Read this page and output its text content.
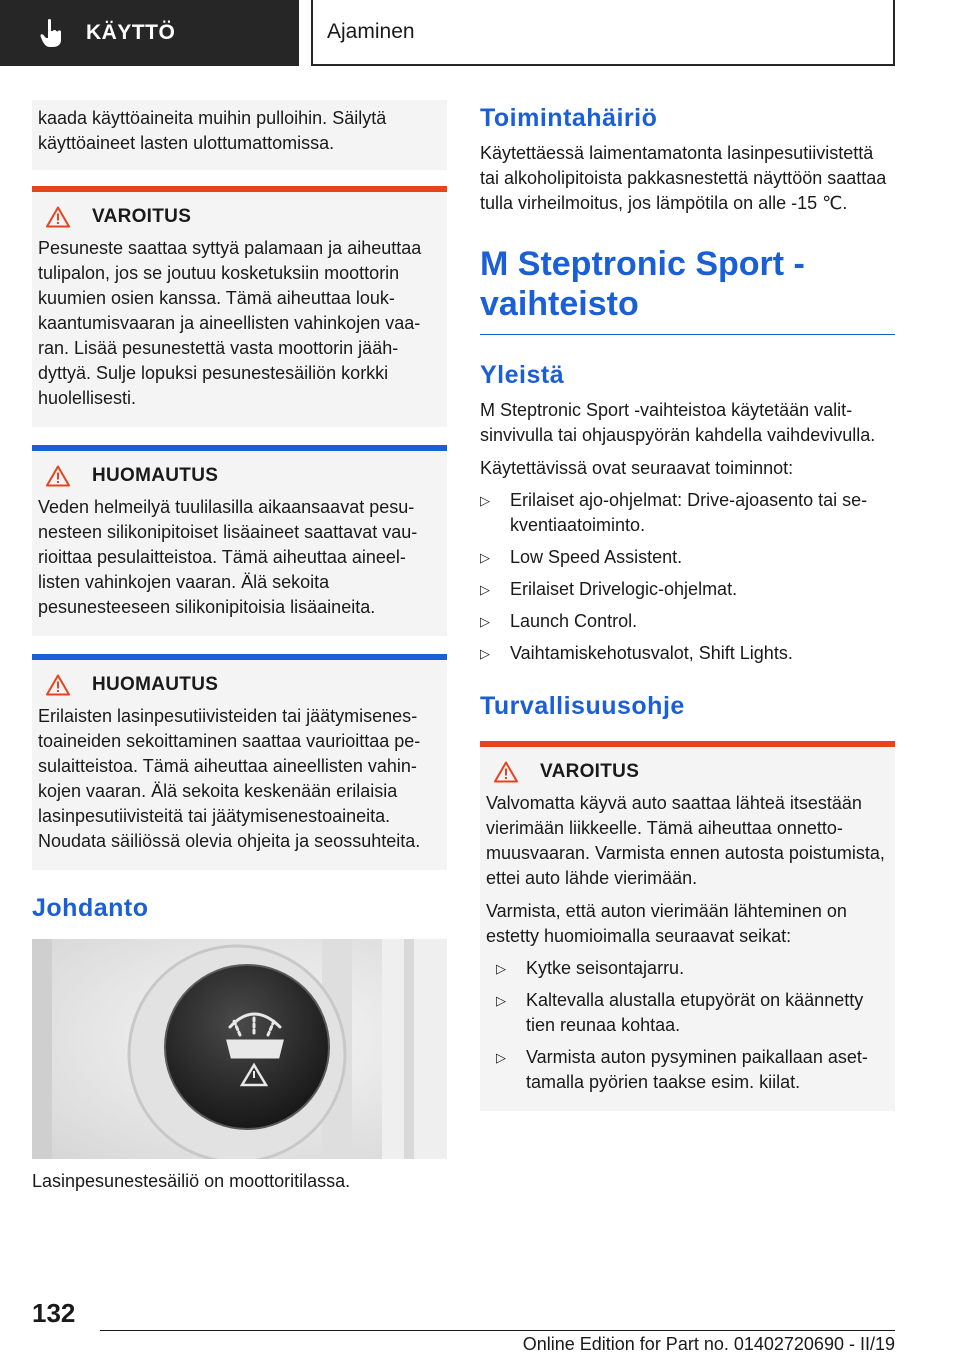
KÄYTTÖ	Ajaminen

kaada käyttöaineita muihin pulloihin. Säilytä käyttöaineet lasten ulottumattomissa.

VAROITUS

Pesuneste saattaa syttyä palamaan ja aiheuttaa tulipalon, jos se joutuu kosketuksiin moottorin kuumien osien kanssa. Tämä aiheuttaa loukkaantumisvaaran ja aineellisten vahinkojen vaaran. Lisää pesunestettä vasta moottorin jäähdyttyä. Sulje lopuksi pesunestesäiliön korkki huolellisesti.

HUOMAUTUS

Veden helmeilyä tuulilasilla aikaansaavat pesunesteen silikonipitoiset lisäaineet saattavat vaurioittaa pesulaitteistoa. Tämä aiheuttaa aineellisten vahinkojen vaaran. Älä sekoita pesunesteeseen silikonipitoisia lisäaineita.

HUOMAUTUS

Erilaisten lasinpesutiivisteiden tai jäätymisenestoaineiden sekoittaminen saattaa vaurioittaa pesulaitteistoa. Tämä aiheuttaa aineellisten vahinkojen vaaran. Älä sekoita keskenään erilaisia lasinpesutiivisteitä tai jäätymisenestoaineita. Noudata säiliössä olevia ohjeita ja seossuhteita.

Johdanto

Lasinpesunestesäiliö on moottoritilassa.

Toimintahäiriö

Käytettäessä laimentamatonta lasinpesutiivistettä tai alkoholipitoista pakkasnestettä näyttöön saattaa tulla virheilmoitus, jos lämpötila on alle -15 ℃.

M Steptronic Sport -vaihteisto
Yleistä

M Steptronic Sport -vaihteistoa käytetään valitsinvivulla tai ohjauspyörän kahdella vaihdevivulla.

Käytettävissä ovat seuraavat toiminnot:

▷ Erilaiset ajo-ohjelmat: Drive-ajoasento tai sekventiaatoiminto.
▷ Low Speed Assistent.
▷ Erilaiset Drivelogic-ohjelmat.
▷ Launch Control.
▷ Vaihtamiskehotusvalot, Shift Lights.
Turvallisuusohje
VAROITUS

Valvomatta käyvä auto saattaa lähteä itsestään vierimään liikkeelle. Tämä aiheuttaa onnettomuusvaaran. Varmista ennen autosta poistumista, ettei auto lähde vierimään.

Varmista, että auton vierimään lähteminen on estetty huomioimalla seuraavat seikat:

▷ Kytke seisontajarru.
▷ Kaltevalla alustalla etupyörät on käännetty tien reunaa kohtaa.
▷ Varmista auton pysyminen paikallaan asettamalla pyörien taakse esim. kiilat.
132
Online Edition for Part no. 01402720690 - II/19
